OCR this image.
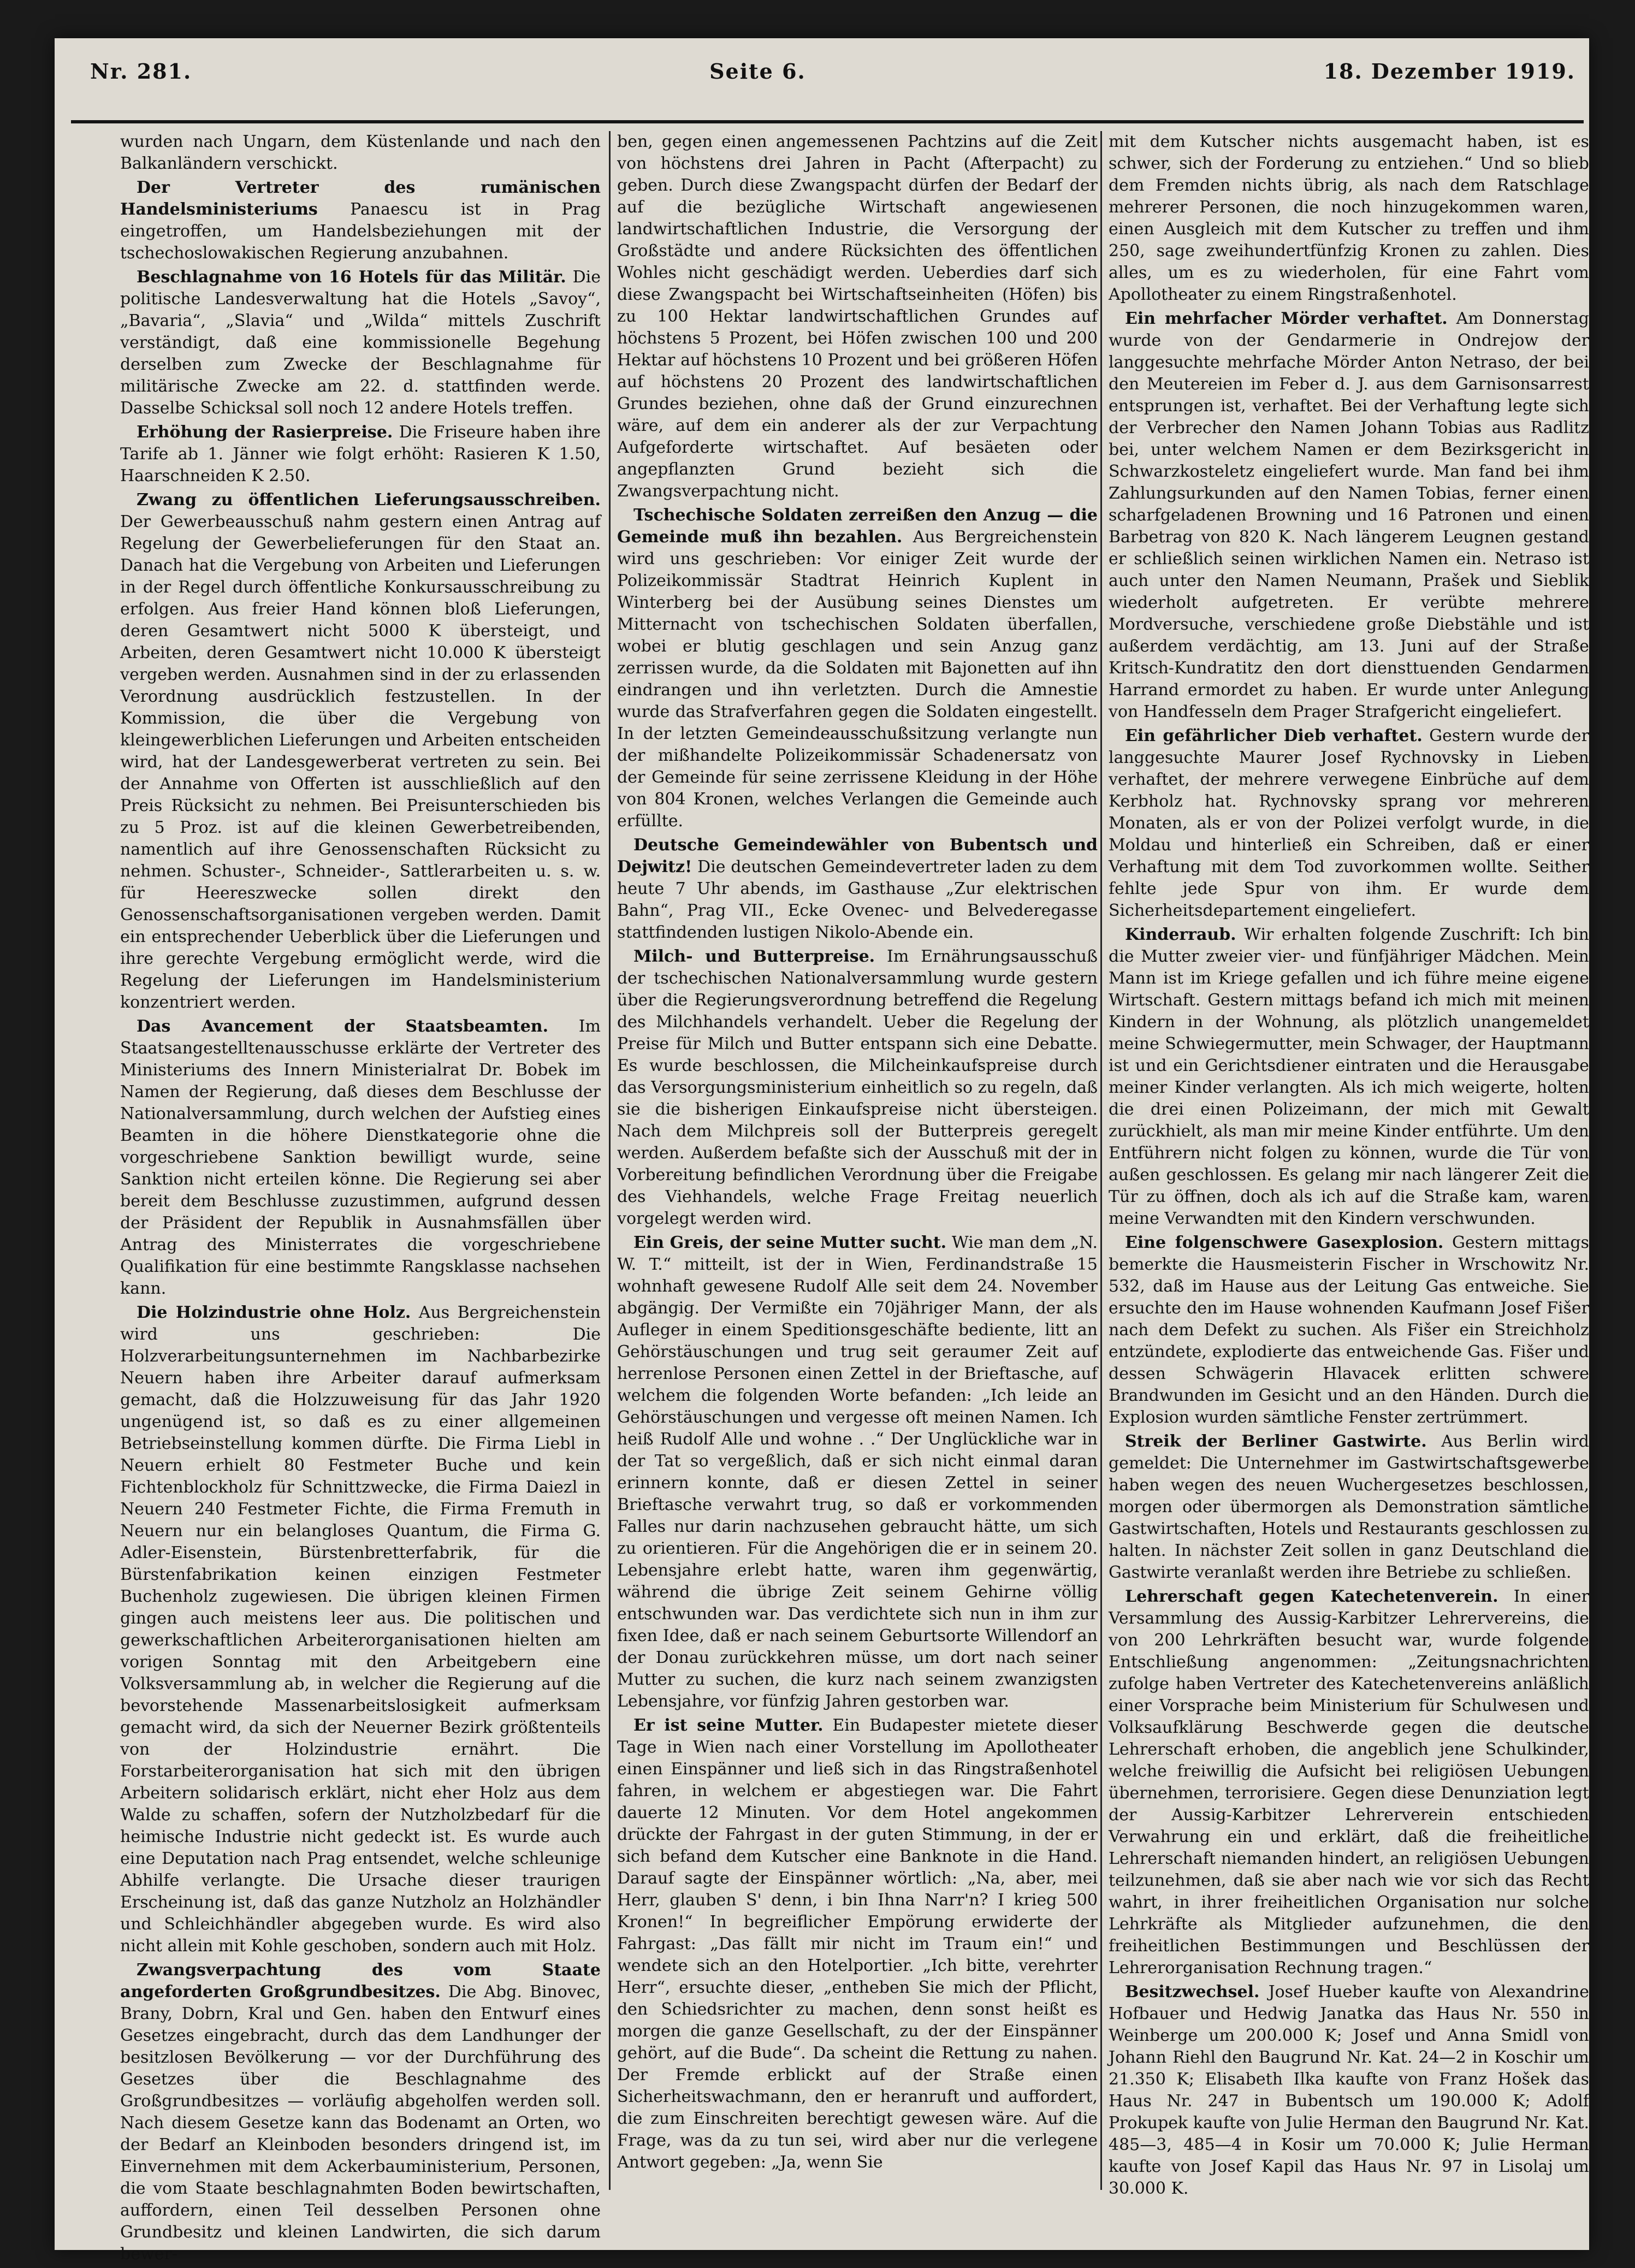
Nr. 281.	Seite 6.	18. Dezember 1919.

wurden nach Ungarn, dem Küstenlande und nach den Balkanländern verschickt.

Der Vertreter des rumänischen Handelsministeriums Panaescu ist in Prag eingetroffen, um Handelsbeziehungen mit der tschechoslowakischen Regierung anzubahnen.

Beschlagnahme von 16 Hotels für das Militär. Die politische Landesverwaltung hat die Hotels „Savoy“, „Bavaria“, „Slavia“ und „Wilda“ mittels Zuschrift verständigt, daß eine kommissionelle Begehung derselben zum Zwecke der Beschlagnahme für militärische Zwecke am 22. d. stattfinden werde. Dasselbe Schicksal soll noch 12 andere Hotels treffen.

Erhöhung der Rasierpreise. Die Friseure haben ihre Tarife ab 1. Jänner wie folgt erhöht: Rasieren K 1.50, Haarschneiden K 2.50.

Zwang zu öffentlichen Lieferungsausschreiben. Der Gewerbeausschuß nahm gestern einen Antrag auf Regelung der Gewerbelieferungen für den Staat an. Danach hat die Vergebung von Arbeiten und Lieferungen in der Regel durch öffentliche Konkursausschreibung zu erfolgen. Aus freier Hand können bloß Lieferungen, deren Gesamtwert nicht 5000 K übersteigt, und Arbeiten, deren Gesamtwert nicht 10.000 K übersteigt vergeben werden. Ausnahmen sind in der zu erlassenden Verordnung ausdrücklich festzustellen. In der Kommission, die über die Vergebung von kleingewerblichen Lieferungen und Arbeiten entscheiden wird, hat der Landesgewerberat vertreten zu sein. Bei der Annahme von Offerten ist ausschließlich auf den Preis Rücksicht zu nehmen. Bei Preisunterschieden bis zu 5 Proz. ist auf die kleinen Gewerbetreibenden, namentlich auf ihre Genossenschaften Rücksicht zu nehmen. Schuster-, Schneider-, Sattlerarbeiten u. s. w. für Heereszwecke sollen direkt den Genossenschaftsorganisationen vergeben werden. Damit ein entsprechender Ueberblick über die Lieferungen und ihre gerechte Vergebung ermöglicht werde, wird die Regelung der Lieferungen im Handelsministerium konzentriert werden.

Das Avancement der Staatsbeamten. Im Staatsangestelltenausschusse erklärte der Vertreter des Ministeriums des Innern Ministerialrat Dr. Bobek im Namen der Regierung, daß dieses dem Beschlusse der Nationalversammlung, durch welchen der Aufstieg eines Beamten in die höhere Dienstkategorie ohne die vorgeschriebene Sanktion bewilligt wurde, seine Sanktion nicht erteilen könne. Die Regierung sei aber bereit dem Beschlusse zuzustimmen, aufgrund dessen der Präsident der Republik in Ausnahmsfällen über Antrag des Ministerrates die vorgeschriebene Qualifikation für eine bestimmte Rangsklasse nachsehen kann.

Die Holzindustrie ohne Holz. Aus Bergreichenstein wird uns geschrieben: Die Holzverarbeitungsunternehmen im Nachbarbezirke Neuern haben ihre Arbeiter darauf aufmerksam gemacht, daß die Holzzuweisung für das Jahr 1920 ungenügend ist, so daß es zu einer allgemeinen Betriebseinstellung kommen dürfte. Die Firma Liebl in Neuern erhielt 80 Festmeter Buche und kein Fichtenblockholz für Schnittzwecke, die Firma Daiezl in Neuern 240 Festmeter Fichte, die Firma Fremuth in Neuern nur ein belangloses Quantum, die Firma G. Adler-Eisenstein, Bürstenbretterfabrik, für die Bürstenfabrikation keinen einzigen Festmeter Buchenholz zugewiesen. Die übrigen kleinen Firmen gingen auch meistens leer aus. Die politischen und gewerkschaftlichen Arbeiterorganisationen hielten am vorigen Sonntag mit den Arbeitgebern eine Volksversammlung ab, in welcher die Regierung auf die bevorstehende Massenarbeitslosigkeit aufmerksam gemacht wird, da sich der Neuerner Bezirk größtenteils von der Holzindustrie ernährt. Die Forstarbeiterorganisation hat sich mit den übrigen Arbeitern solidarisch erklärt, nicht eher Holz aus dem Walde zu schaffen, sofern der Nutzholzbedarf für die heimische Industrie nicht gedeckt ist. Es wurde auch eine Deputation nach Prag entsendet, welche schleunige Abhilfe verlangte. Die Ursache dieser traurigen Erscheinung ist, daß das ganze Nutzholz an Holzhändler und Schleichhändler abgegeben wurde. Es wird also nicht allein mit Kohle geschoben, sondern auch mit Holz.

Zwangsverpachtung des vom Staate angeforderten Großgrundbesitzes. Die Abg. Binovec, Brany, Dobrn, Kral und Gen. haben den Entwurf eines Gesetzes eingebracht, durch das dem Landhunger der besitzlosen Bevölkerung — vor der Durchführung des Gesetzes über die Beschlagnahme des Großgrundbesitzes — vorläufig abgeholfen werden soll. Nach diesem Gesetze kann das Bodenamt an Orten, wo der Bedarf an Kleinboden besonders dringend ist, im Einvernehmen mit dem Ackerbauministerium, Personen, die vom Staate beschlagnahmten Boden bewirtschaften, auffordern, einen Teil desselben Personen ohne Grundbesitz und kleinen Landwirten, die sich darum bewer-

ben, gegen einen angemessenen Pachtzins auf die Zeit von höchstens drei Jahren in Pacht (Afterpacht) zu geben. Durch diese Zwangspacht dürfen der Bedarf der auf die bezügliche Wirtschaft angewiesenen landwirtschaftlichen Industrie, die Versorgung der Großstädte und andere Rücksichten des öffentlichen Wohles nicht geschädigt werden. Ueberdies darf sich diese Zwangspacht bei Wirtschaftseinheiten (Höfen) bis zu 100 Hektar landwirtschaftlichen Grundes auf höchstens 5 Prozent, bei Höfen zwischen 100 und 200 Hektar auf höchstens 10 Prozent und bei größeren Höfen auf höchstens 20 Prozent des landwirtschaftlichen Grundes beziehen, ohne daß der Grund einzurechnen wäre, auf dem ein anderer als der zur Verpachtung Aufgeforderte wirtschaftet. Auf besäeten oder angepflanzten Grund bezieht sich die Zwangsverpachtung nicht.

Tschechische Soldaten zerreißen den Anzug — die Gemeinde muß ihn bezahlen. Aus Bergreichenstein wird uns geschrieben: Vor einiger Zeit wurde der Polizeikommissär Stadtrat Heinrich Kuplent in Winterberg bei der Ausübung seines Dienstes um Mitternacht von tschechischen Soldaten überfallen, wobei er blutig geschlagen und sein Anzug ganz zerrissen wurde, da die Soldaten mit Bajonetten auf ihn eindrangen und ihn verletzten. Durch die Amnestie wurde das Strafverfahren gegen die Soldaten eingestellt. In der letzten Gemeindeausschußsitzung verlangte nun der mißhandelte Polizeikommissär Schadenersatz von der Gemeinde für seine zerrissene Kleidung in der Höhe von 804 Kronen, welches Verlangen die Gemeinde auch erfüllte.

Deutsche Gemeindewähler von Bubentsch und Dejwitz! Die deutschen Gemeindevertreter laden zu dem heute 7 Uhr abends, im Gasthause „Zur elektrischen Bahn“, Prag VII., Ecke Ovenec- und Belvederegasse stattfindenden lustigen Nikolo-Abende ein.

Milch- und Butterpreise. Im Ernährungsausschuß der tschechischen Nationalversammlung wurde gestern über die Regierungsverordnung betreffend die Regelung des Milchhandels verhandelt. Ueber die Regelung der Preise für Milch und Butter entspann sich eine Debatte. Es wurde beschlossen, die Milcheinkaufspreise durch das Versorgungsministerium einheitlich so zu regeln, daß sie die bisherigen Einkaufspreise nicht übersteigen. Nach dem Milchpreis soll der Butterpreis geregelt werden. Außerdem befaßte sich der Ausschuß mit der in Vorbereitung befindlichen Verordnung über die Freigabe des Viehhandels, welche Frage Freitag neuerlich vorgelegt werden wird.

Ein Greis, der seine Mutter sucht. Wie man dem „N. W. T.“ mitteilt, ist der in Wien, Ferdinandstraße 15 wohnhaft gewesene Rudolf Alle seit dem 24. November abgängig. Der Vermißte ein 70jähriger Mann, der als Aufleger in einem Speditionsgeschäfte bediente, litt an Gehörstäuschungen und trug seit geraumer Zeit auf herrenlose Personen einen Zettel in der Brieftasche, auf welchem die folgenden Worte befanden: „Ich leide an Gehörstäuschungen und vergesse oft meinen Namen. Ich heiß Rudolf Alle und wohne . .“ Der Unglückliche war in der Tat so vergeßlich, daß er sich nicht einmal daran erinnern konnte, daß er diesen Zettel in seiner Brieftasche verwahrt trug, so daß er vorkommenden Falles nur darin nachzusehen gebraucht hätte, um sich zu orientieren. Für die Angehörigen die er in seinem 20. Lebensjahre erlebt hatte, waren ihm gegenwärtig, während die übrige Zeit seinem Gehirne völlig entschwunden war. Das verdichtete sich nun in ihm zur fixen Idee, daß er nach seinem Geburtsorte Willendorf an der Donau zurückkehren müsse, um dort nach seiner Mutter zu suchen, die kurz nach seinem zwanzigsten Lebensjahre, vor fünfzig Jahren gestorben war.

Er ist seine Mutter. Ein Budapester mietete dieser Tage in Wien nach einer Vorstellung im Apollotheater einen Einspänner und ließ sich in das Ringstraßenhotel fahren, in welchem er abgestiegen war. Die Fahrt dauerte 12 Minuten. Vor dem Hotel angekommen drückte der Fahrgast in der guten Stimmung, in der er sich befand dem Kutscher eine Banknote in die Hand. Darauf sagte der Einspänner wörtlich: „Na, aber, mei Herr, glauben S' denn, i bin Ihna Narr'n? I krieg 500 Kronen!“ In begreiflicher Empörung erwiderte der Fahrgast: „Das fällt mir nicht im Traum ein!“ und wendete sich an den Hotelportier. „Ich bitte, verehrter Herr“, ersuchte dieser, „entheben Sie mich der Pflicht, den Schiedsrichter zu machen, denn sonst heißt es morgen die ganze Gesellschaft, zu der der Einspänner gehört, auf die Bude“. Da scheint die Rettung zu nahen. Der Fremde erblickt auf der Straße einen Sicherheitswachmann, den er heranruft und auffordert, die zum Einschreiten berechtigt gewesen wäre. Auf die Frage, was da zu tun sei, wird aber nur die verlegene Antwort gegeben: „Ja, wenn Sie

mit dem Kutscher nichts ausgemacht haben, ist es schwer, sich der Forderung zu entziehen.“ Und so blieb dem Fremden nichts übrig, als nach dem Ratschlage mehrerer Personen, die noch hinzugekommen waren, einen Ausgleich mit dem Kutscher zu treffen und ihm 250, sage zweihundertfünfzig Kronen zu zahlen. Dies alles, um es zu wiederholen, für eine Fahrt vom Apollotheater zu einem Ringstraßenhotel.

Ein mehrfacher Mörder verhaftet. Am Donnerstag wurde von der Gendarmerie in Ondrejow der langgesuchte mehrfache Mörder Anton Netraso, der bei den Meutereien im Feber d. J. aus dem Garnisonsarrest entsprungen ist, verhaftet. Bei der Verhaftung legte sich der Verbrecher den Namen Johann Tobias aus Radlitz bei, unter welchem Namen er dem Bezirksgericht in Schwarzkosteletz eingeliefert wurde. Man fand bei ihm Zahlungsurkunden auf den Namen Tobias, ferner einen scharfgeladenen Browning und 16 Patronen und einen Barbetrag von 820 K. Nach längerem Leugnen gestand er schließlich seinen wirklichen Namen ein. Netraso ist auch unter den Namen Neumann, Prašek und Sieblik wiederholt aufgetreten. Er verübte mehrere Mordversuche, verschiedene große Diebstähle und ist außerdem verdächtig, am 13. Juni auf der Straße Kritsch-Kundratitz den dort diensttuenden Gendarmen Harrand ermordet zu haben. Er wurde unter Anlegung von Handfesseln dem Prager Strafgericht eingeliefert.

Ein gefährlicher Dieb verhaftet. Gestern wurde der langgesuchte Maurer Josef Rychnovsky in Lieben verhaftet, der mehrere verwegene Einbrüche auf dem Kerbholz hat. Rychnovsky sprang vor mehreren Monaten, als er von der Polizei verfolgt wurde, in die Moldau und hinterließ ein Schreiben, daß er einer Verhaftung mit dem Tod zuvorkommen wollte. Seither fehlte jede Spur von ihm. Er wurde dem Sicherheitsdepartement eingeliefert.

Kinderraub. Wir erhalten folgende Zuschrift: Ich bin die Mutter zweier vier- und fünfjähriger Mädchen. Mein Mann ist im Kriege gefallen und ich führe meine eigene Wirtschaft. Gestern mittags befand ich mich mit meinen Kindern in der Wohnung, als plötzlich unangemeldet meine Schwiegermutter, mein Schwager, der Hauptmann ist und ein Gerichtsdiener eintraten und die Herausgabe meiner Kinder verlangten. Als ich mich weigerte, holten die drei einen Polizeimann, der mich mit Gewalt zurückhielt, als man mir meine Kinder entführte. Um den Entführern nicht folgen zu können, wurde die Tür von außen geschlossen. Es gelang mir nach längerer Zeit die Tür zu öffnen, doch als ich auf die Straße kam, waren meine Verwandten mit den Kindern verschwunden.

Eine folgenschwere Gasexplosion. Gestern mittags bemerkte die Hausmeisterin Fischer in Wrschowitz Nr. 532, daß im Hause aus der Leitung Gas entweiche. Sie ersuchte den im Hause wohnenden Kaufmann Josef Fišer nach dem Defekt zu suchen. Als Fišer ein Streichholz entzündete, explodierte das entweichende Gas. Fišer und dessen Schwägerin Hlavacek erlitten schwere Brandwunden im Gesicht und an den Händen. Durch die Explosion wurden sämtliche Fenster zertrümmert.

Streik der Berliner Gastwirte. Aus Berlin wird gemeldet: Die Unternehmer im Gastwirtschaftsgewerbe haben wegen des neuen Wuchergesetzes beschlossen, morgen oder übermorgen als Demonstration sämtliche Gastwirtschaften, Hotels und Restaurants geschlossen zu halten. In nächster Zeit sollen in ganz Deutschland die Gastwirte veranlaßt werden ihre Betriebe zu schließen.

Lehrerschaft gegen Katechetenverein. In einer Versammlung des Aussig-Karbitzer Lehrervereins, die von 200 Lehrkräften besucht war, wurde folgende Entschließung angenommen: „Zeitungsnachrichten zufolge haben Vertreter des Katechetenvereins anläßlich einer Vorsprache beim Ministerium für Schulwesen und Volksaufklärung Beschwerde gegen die deutsche Lehrerschaft erhoben, die angeblich jene Schulkinder, welche freiwillig die Aufsicht bei religiösen Uebungen übernehmen, terrorisiere. Gegen diese Denunziation legt der Aussig-Karbitzer Lehrerverein entschieden Verwahrung ein und erklärt, daß die freiheitliche Lehrerschaft niemanden hindert, an religiösen Uebungen teilzunehmen, daß sie aber nach wie vor sich das Recht wahrt, in ihrer freiheitlichen Organisation nur solche Lehrkräfte als Mitglieder aufzunehmen, die den freiheitlichen Bestimmungen und Beschlüssen der Lehrerorganisation Rechnung tragen.“

Besitzwechsel. Josef Hueber kaufte von Alexandrine Hofbauer und Hedwig Janatka das Haus Nr. 550 in Weinberge um 200.000 K; Josef und Anna Smidl von Johann Riehl den Baugrund Nr. Kat. 24—2 in Koschir um 21.350 K; Elisabeth Ilka kaufte von Franz Hošek das Haus Nr. 247 in Bubentsch um 190.000 K; Adolf Prokupek kaufte von Julie Herman den Baugrund Nr. Kat. 485—3, 485—4 in Kosir um 70.000 K; Julie Herman kaufte von Josef Kapil das Haus Nr. 97 in Lisolaj um 30.000 K.
